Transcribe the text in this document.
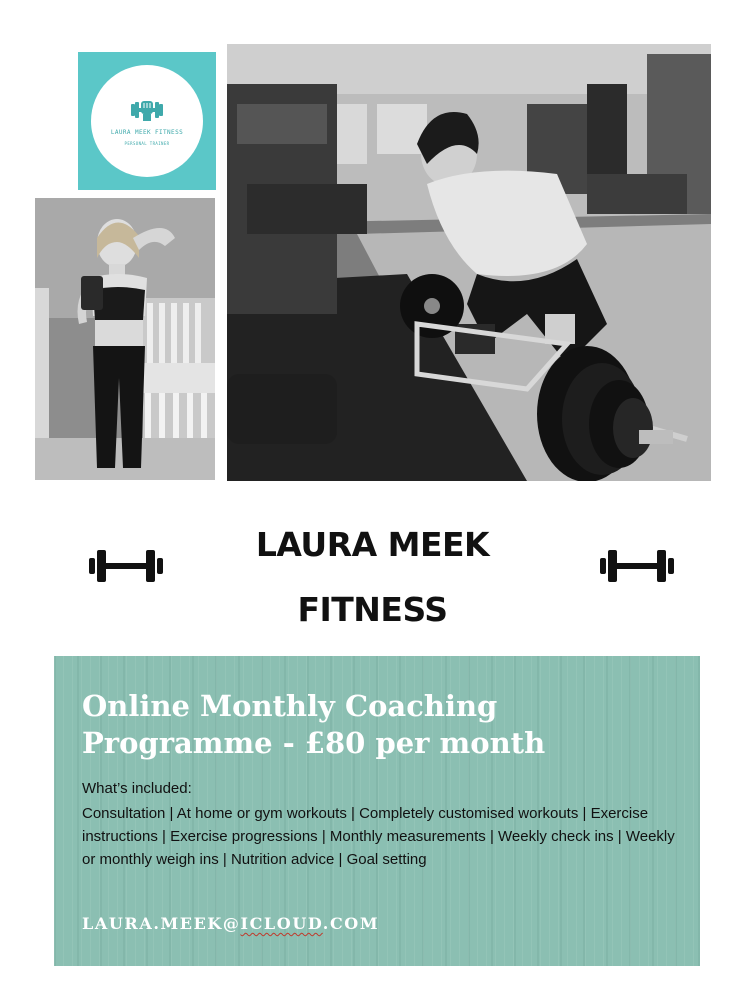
LAURA MEEK FITNESS
PERSONAL TRAINER
LAURA MEEK
FITNESS
Online Monthly Coaching Programme - £80 per month

What’s included:

Consultation | At home or gym workouts | Completely customised workouts | Exercise instructions | Exercise progressions | Monthly measurements | Weekly check ins | Weekly or monthly weigh ins | Nutrition advice | Goal setting

LAURA.MEEK@ICLOUD.COM
